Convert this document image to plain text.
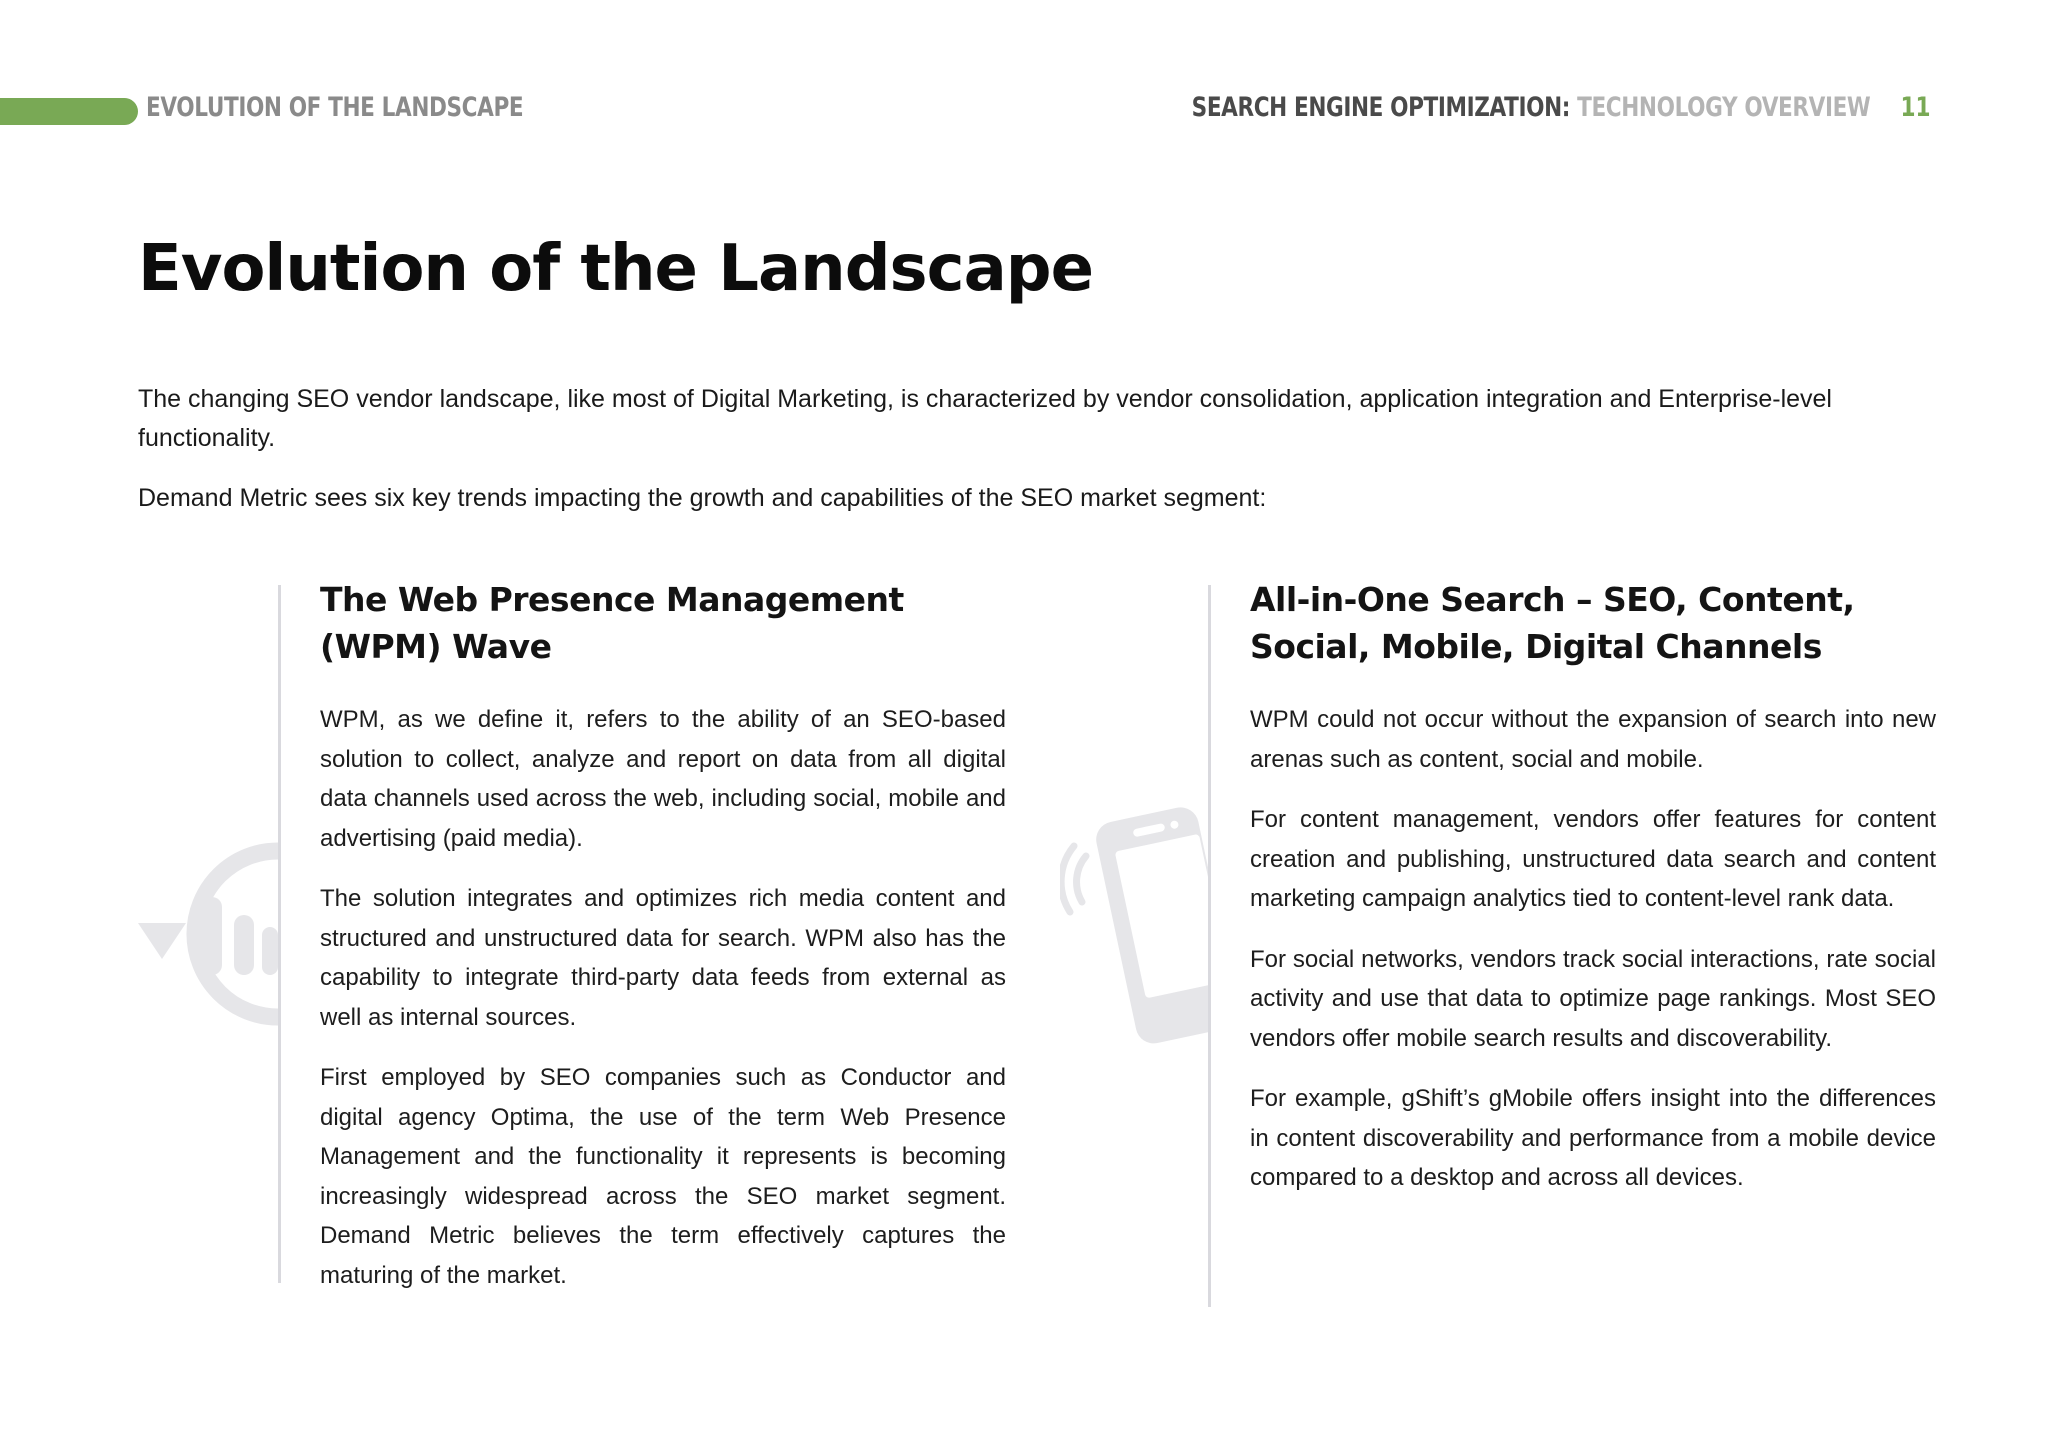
EVOLUTION OF THE LANDSCAPE	SEARCH ENGINE OPTIMIZATION: TECHNOLOGY OVERVIEW 11
Evolution of the Landscape

The changing SEO vendor landscape, like most of Digital Marketing, is characterized by vendor consolidation, application integration and Enterprise-level functionality.

Demand Metric sees six key trends impacting the growth and capabilities of the SEO market segment:

The Web Presence Management
(WPM) Wave

WPM, as we define it, refers to the ability of an SEO-based solution to collect, analyze and report on data from all digital data channels used across the web, including social, mobile and advertising (paid media).

The solution integrates and optimizes rich media content and structured and unstructured data for search. WPM also has the capability to integrate third-party data feeds from external as well as internal sources.

First employed by SEO companies such as Conductor and digital agency Optima, the use of the term Web Presence Management and the functionality it represents is becoming increasingly widespread across the SEO market segment. Demand Metric believes the term effectively captures the maturing of the market.

All-in-One Search – SEO, Content,
Social, Mobile, Digital Channels

WPM could not occur without the expansion of search into new arenas such as content, social and mobile.

For content management, vendors offer features for content creation and publishing, unstructured data search and content marketing campaign analytics tied to content-level rank data.

For social networks, vendors track social interactions, rate social activity and use that data to optimize page rankings. Most SEO vendors offer mobile search results and discoverability.

For example, gShift’s gMobile offers insight into the differences in content discoverability and performance from a mobile device compared to a desktop and across all devices.
